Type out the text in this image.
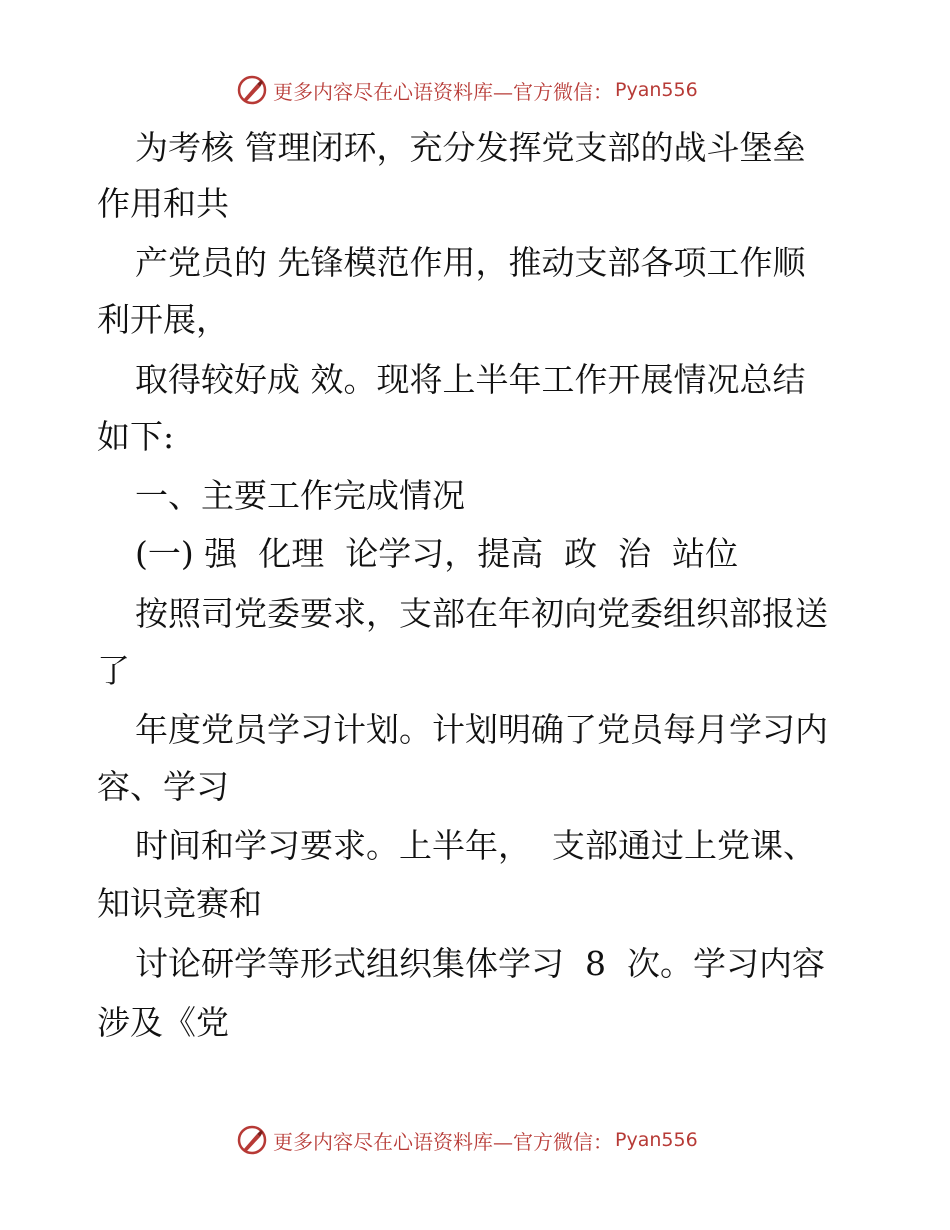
更多内容尽在心语资料库—官方微信： Pyan556
为考核 管理闭环，充分发挥党支部的战斗堡垒
作用和共
产党员的 先锋模范作用，推动支部各项工作顺
利开展，
取得较好成 效。现将上半年工作开展情况总结
如下:
一、主要工作完成情况
(一) 强  化理  论学习，提高  政  治  站位
按照司党委要求，支部在年初向党委组织部报送
了
年度党员学习计划。计划明确了党员每月学习内
容、学习
时间和学习要求。上半年，  支部通过上党课、
知识竞赛和
讨论研学等形式组织集体学习  8  次。学习内容
涉及《党
更多内容尽在心语资料库—官方微信： Pyan556
